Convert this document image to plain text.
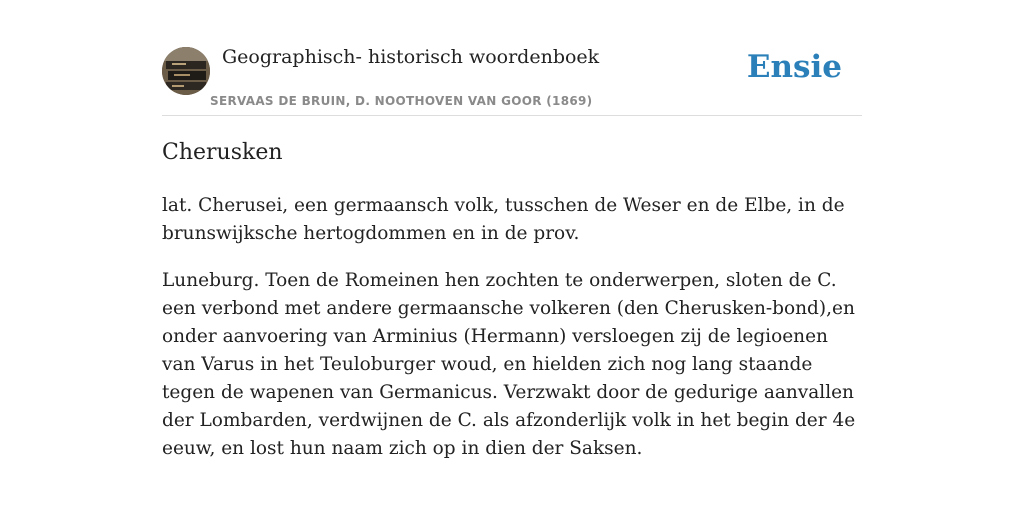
Geographisch- historisch woordenboek
SERVAAS DE BRUIN, D. NOOTHOVEN VAN GOOR (1869)
Ensie
Cherusken

lat. Cherusei, een germaansch volk, tusschen de Weser en de Elbe, in de brunswijksche hertogdommen en in de prov.

Luneburg. Toen de Romeinen hen zochten te onderwerpen, sloten de C. een verbond met andere germaansche volkeren (den Cherusken-bond),en onder aanvoering van Arminius (Hermann) versloegen zij de legioenen van Varus in het Teuloburger woud, en hielden zich nog lang staande tegen de wapenen van Germanicus. Verzwakt door de gedurige aanvallen der Lombarden, verdwijnen de C. als afzonderlijk volk in het begin der 4e eeuw, en lost hun naam zich op in dien der Saksen.
